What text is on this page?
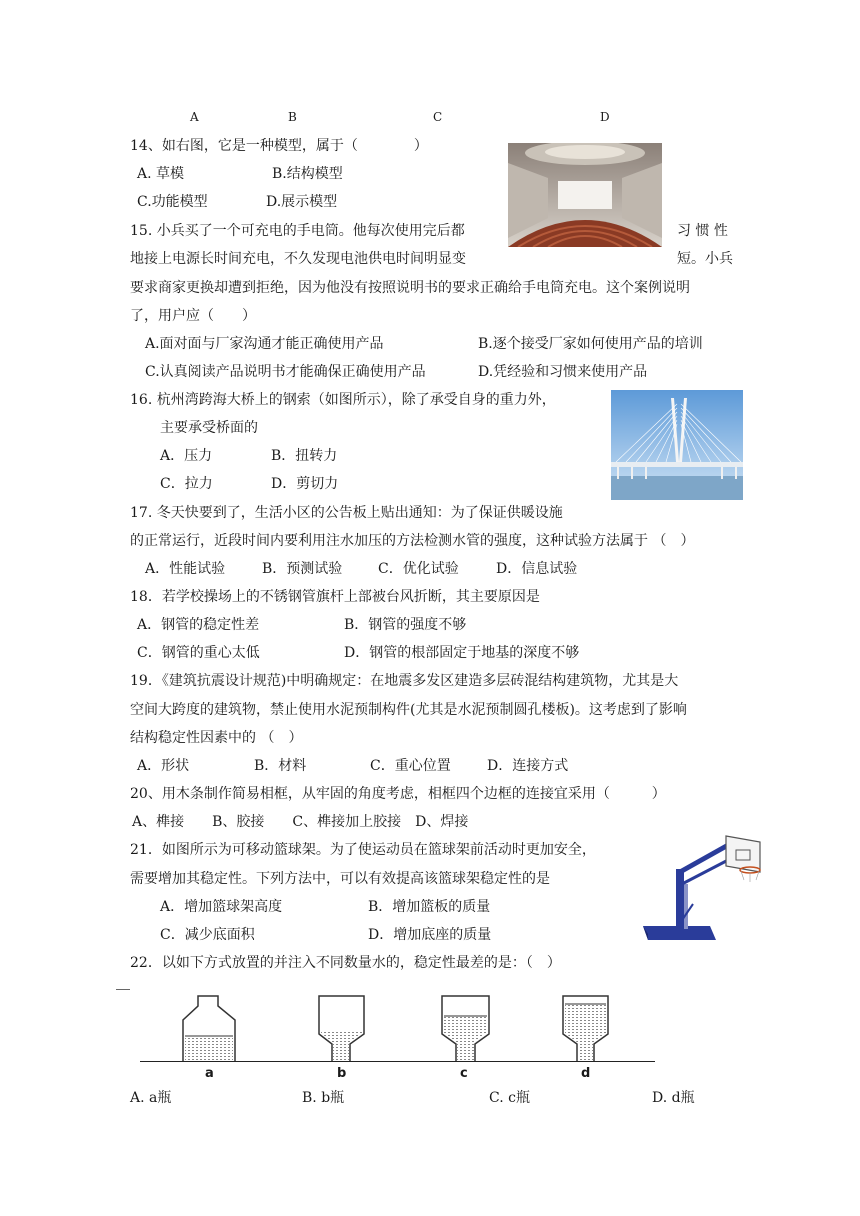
A	B	C	D
14、如右图，它是一种模型，属于（　　　　）
A. 草模	B.结构模型
C.功能模型	D.展示模型
15. 小兵买了一个可充电的手电筒。他每次使用完后都	习 惯 性
地接上电源长时间充电，不久发现电池供电时间明显变	短。小兵
要求商家更换却遭到拒绝，因为他没有按照说明书的要求正确给手电筒充电。这个案例说明
了，用户应（　　）
A.面对面与厂家沟通才能正确使用产品	B.逐个接受厂家如何使用产品的培训
C.认真阅读产品说明书才能确保正确使用产品	D.凭经验和习惯来使用产品
16. 杭州湾跨海大桥上的钢索（如图所示），除了承受自身的重力外，
主要承受桥面的
A．压力	B．扭转力
C．拉力	D．剪切力
17. 冬天快要到了，生活小区的公告板上贴出通知：为了保证供暖设施
的正常运行，近段时间内要利用注水加压的方法检测水管的强度，这种试验方法属于 （　）
A．性能试验	B．预测试验	C．优化试验	D．信息试验
18．若学校操场上的不锈钢管旗杆上部被台风折断，其主要原因是
A．钢管的稳定性差	B．钢管的强度不够
C．钢管的重心太低	D．钢管的根部固定于地基的深度不够
19．《建筑抗震设计规范)中明确规定：在地震多发区建造多层砖混结构建筑物，尤其是大
空间大跨度的建筑物，禁止使用水泥预制构件(尤其是水泥预制圆孔楼板)。这考虑到了影响
结构稳定性因素中的 （　）
A．形状	B．材料	C．重心位置	D．连接方式
20、用木条制作简易相框，从牢固的角度考虑，相框四个边框的连接宜采用（　　　）
A、榫接　　B、胶接　　C、榫接加上胶接　D、焊接
21．如图所示为可移动篮球架。为了使运动员在篮球架前活动时更加安全，
需要增加其稳定性。下列方法中，可以有效提高该篮球架稳定性的是
A．增加篮球架高度	B．增加篮板的质量
C．减少底面积	D．增加底座的质量
22．以如下方式放置的并注入不同数量水的，稳定性最差的是：（　）
a	b	c	d
A. a瓶	B. b瓶	C. c瓶	D. d瓶
